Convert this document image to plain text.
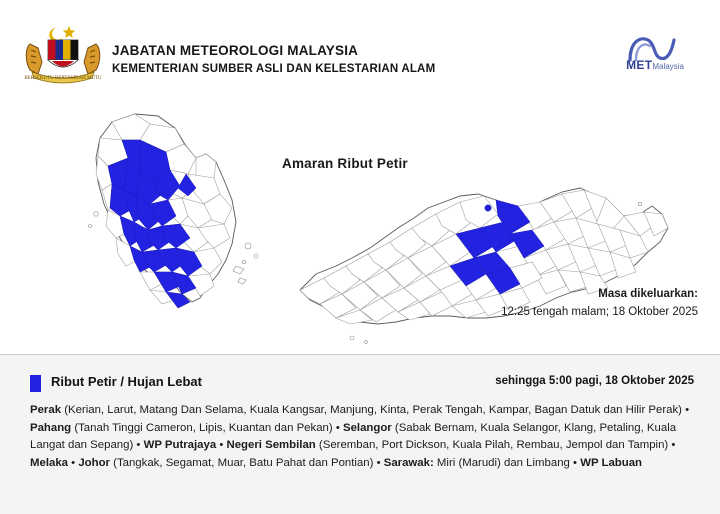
BERSEKUTU BERTAMBAH MUTU
JABATAN METEOROLOGI MALAYSIA
KEMENTERIAN SUMBER ASLI DAN KELESTARIAN ALAM	METMalaysia
Amaran Ribut Petir
Masa dikeluarkan:
12:25 tengah malam; 18 Oktober 2025
Ribut Petir / Hujan Lebat	sehingga 5:00 pagi, 18 Oktober 2025
Perak (Kerian, Larut, Matang Dan Selama, Kuala Kangsar, Manjung, Kinta, Perak Tengah, Kampar, Bagan Datuk dan Hilir Perak) • Pahang (Tanah Tinggi Cameron, Lipis, Kuantan dan Pekan) • Selangor (Sabak Bernam, Kuala Selangor, Klang, Petaling, Kuala Langat dan Sepang) • WP Putrajaya • Negeri Sembilan (Seremban, Port Dickson, Kuala Pilah, Rembau, Jempol dan Tampin) • Melaka • Johor (Tangkak, Segamat, Muar, Batu Pahat dan Pontian) • Sarawak: Miri (Marudi) dan Limbang • WP Labuan
